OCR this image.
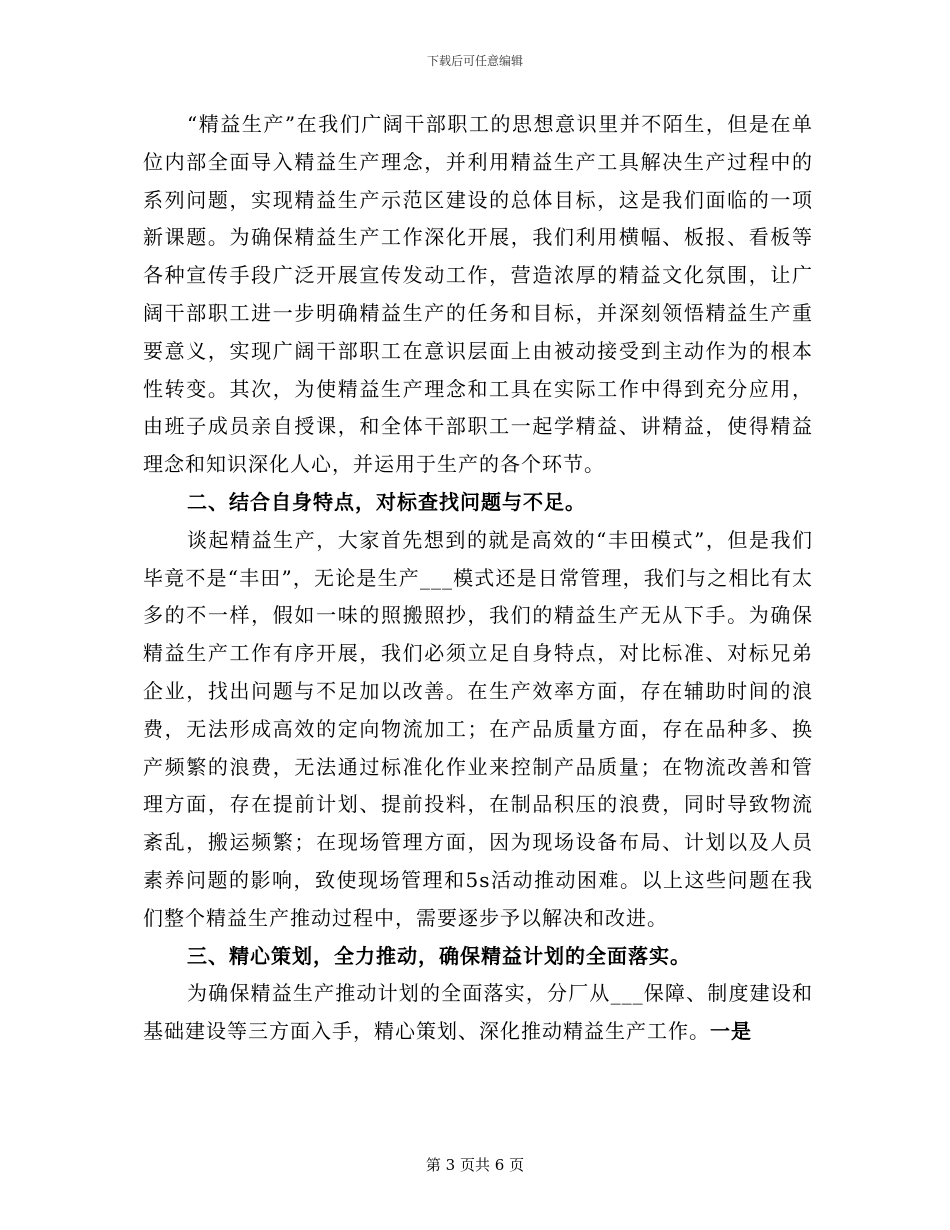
下载后可任意编辑

“精益生产”在我们广阔干部职工的思想意识里并不陌生，但是在单位内部全面导入精益生产理念，并利用精益生产工具解决生产过程中的系列问题，实现精益生产示范区建设的总体目标，这是我们面临的一项新课题。为确保精益生产工作深化开展，我们利用横幅、板报、看板等各种宣传手段广泛开展宣传发动工作，营造浓厚的精益文化氛围，让广阔干部职工进一步明确精益生产的任务和目标，并深刻领悟精益生产重要意义，实现广阔干部职工在意识层面上由被动接受到主动作为的根本性转变。其次，为使精益生产理念和工具在实际工作中得到充分应用，由班子成员亲自授课，和全体干部职工一起学精益、讲精益，使得精益理念和知识深化人心，并运用于生产的各个环节。

二、结合自身特点，对标查找问题与不足。

谈起精益生产，大家首先想到的就是高效的“丰田模式”，但是我们毕竟不是“丰田”，无论是生产___模式还是日常管理，我们与之相比有太多的不一样，假如一味的照搬照抄，我们的精益生产无从下手。为确保精益生产工作有序开展，我们必须立足自身特点，对比标准、对标兄弟企业，找出问题与不足加以改善。在生产效率方面，存在辅助时间的浪费，无法形成高效的定向物流加工；在产品质量方面，存在品种多、换产频繁的浪费，无法通过标准化作业来控制产品质量；在物流改善和管理方面，存在提前计划、提前投料，在制品积压的浪费，同时导致物流紊乱，搬运频繁；在现场管理方面，因为现场设备布局、计划以及人员素养问题的影响，致使现场管理和5s活动推动困难。以上这些问题在我们整个精益生产推动过程中，需要逐步予以解决和改进。

三、精心策划，全力推动，确保精益计划的全面落实。

为确保精益生产推动计划的全面落实，分厂从___保障、制度建设和基础建设等三方面入手，精心策划、深化推动精益生产工作。一是

第 3 页共 6 页
